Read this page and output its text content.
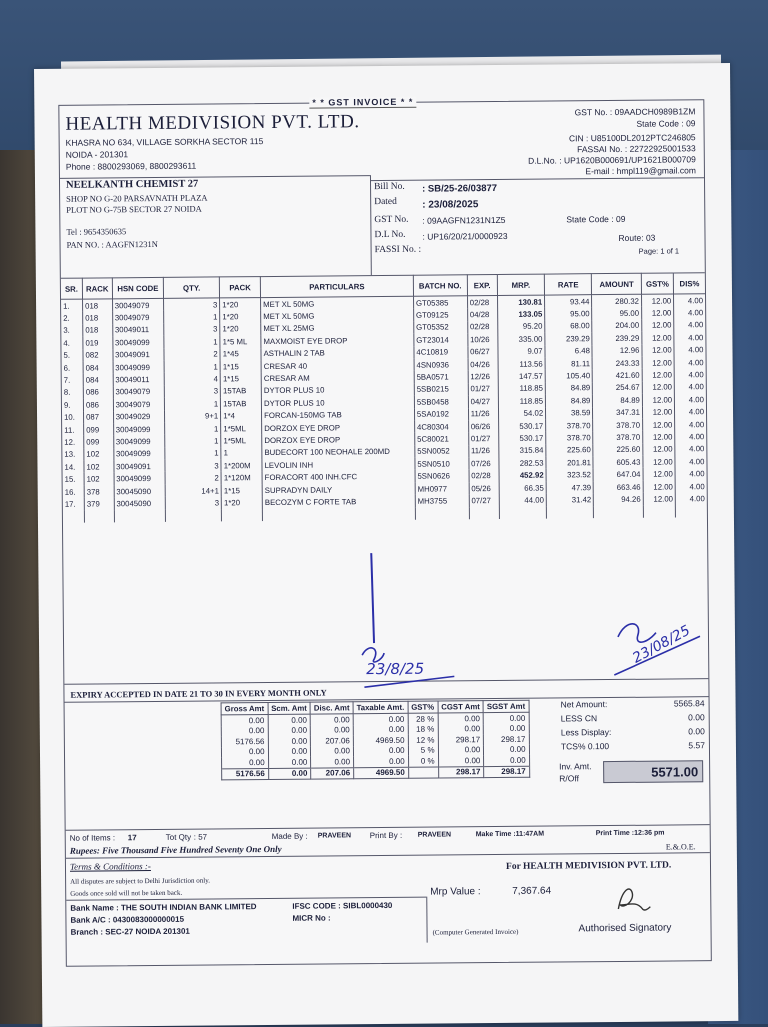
* * GST INVOICE * *
HEALTH MEDIVISION PVT. LTD.
KHASRA NO 634, VILLAGE SORKHA SECTOR 115
NOIDA - 201301
Phone : 8800293069, 8800293611
GST No. : 09AADCH0989B1ZM
State Code : 09
CIN : U85100DL2012PTC246805
FASSAI No. : 22722925001533
D.L.No. : UP1620B000691/UP1621B000709
E-mail : hmpl119@gmail.com
NEELKANTH CHEMIST 27
SHOP NO G-20 PARSAVNATH PLAZA
PLOT NO G-75B SECTOR 27 NOIDA
Tel : 9654350635
PAN NO. : AAGFN1231N
Bill No. : SB/25-26/03877
Dated	: 23/08/2025
GST No. : 09AAGFN1231N1Z5
D.L No. : UP16/20/21/0000923
FASSI No. :
State Code : 09
Route: 03
Page: 1 of 1
SR.	RACK	HSN CODE	QTY.	PACK	PARTICULARS	BATCH NO.	EXP.	MRP.	RATE	AMOUNT	GST%	DIS%
1.	018	30049079	3	1*20	MET XL 50MG	GT05385	02/28	130.81	93.44	280.32	12.00	4.00
2.	018	30049079	1	1*20	MET XL 50MG	GT09125	04/28	133.05	95.00	95.00	12.00	4.00
3.	018	30049011	3	1*20	MET XL 25MG	GT05352	02/28	95.20	68.00	204.00	12.00	4.00
4.	019	30049099	1	1*5 ML	MAXMOIST EYE DROP	GT23014	10/26	335.00	239.29	239.29	12.00	4.00
5.	082	30049091	2	1*45	ASTHALIN 2 TAB	4C10819	06/27	9.07	6.48	12.96	12.00	4.00
6.	084	30049099	1	1*15	CRESAR 40	4SN0936	04/26	113.56	81.11	243.33	12.00	4.00
7.	084	30049011	4	1*15	CRESAR AM	5BA0571	12/26	147.57	105.40	421.60	12.00	4.00
8.	086	30049079	3	15TAB	DYTOR PLUS 10	5SB0215	01/27	118.85	84.89	254.67	12.00	4.00
9.	086	30049079	1	15TAB	DYTOR PLUS 10	5SB0458	04/27	118.85	84.89	84.89	12.00	4.00
10.	087	30049029	9+1	1*4	FORCAN-150MG TAB	5SA0192	11/26	54.02	38.59	347.31	12.00	4.00
11.	099	30049099	1	1*5ML	DORZOX EYE DROP	4C80304	06/26	530.17	378.70	378.70	12.00	4.00
12.	099	30049099	1	1*5ML	DORZOX EYE DROP	5C80021	01/27	530.17	378.70	378.70	12.00	4.00
13.	102	30049099	1	1	BUDECORT 100 NEOHALE 200MD	5SN0052	11/26	315.84	225.60	225.60	12.00	4.00
14.	102	30049091	3	1*200M	LEVOLIN INH	5SN0510	07/26	282.53	201.81	605.43	12.00	4.00
15.	102	30049099	2	1*120M	FORACORT 400 INH.CFC	5SN0626	02/28	452.92	323.52	647.04	12.00	4.00
16.	378	30045090	14+1	1*15	SUPRADYN DAILY	MH0977	05/26	66.35	47.39	663.46	12.00	4.00
17.	379	30045090	3	1*20	BECOZYM C FORTE TAB	MH3755	07/27	44.00	31.42	94.26	12.00	4.00

EXPIRY ACCEPTED IN DATE 21 TO 30 IN EVERY MONTH ONLY
Gross Amt	Scm. Amt	Disc. Amt	Taxable Amt.	GST%	CGST Amt	SGST Amt
0.00	0.00	0.00	0.00	28 %	0.00	0.00
0.00	0.00	0.00	0.00	18 %	0.00	0.00
5176.56	0.00	207.06	4969.50	12 %	298.17	298.17
0.00	0.00	0.00	0.00	5 %	0.00	0.00
0.00	0.00	0.00	0.00	0 %	0.00	0.00
5176.56	0.00	207.06	4969.50		298.17	298.17
Net Amount:	5565.84
LESS CN	0.00
Less Display:	0.00
TCS% 0.100	5.57
Inv. Amt.
R/Off	5571.00
No of Items : 17	Tot Qty : 57	Made By : PRAVEEN Print By : PRAVEEN	Make Time :11:47AM	Print Time :12:36 pm
Rupees: Five Thousand Five Hundred Seventy One Only	E.&.O.E.
Terms & Conditions :-	For HEALTH MEDIVISION PVT. LTD.
All disputes are subject to Delhi Jurisdiction only.
Goods once sold will not be taken back.	Mrp Value :	7,367.64
Bank Name : THE SOUTH INDIAN BANK LIMITED
Bank A/C : 0430083000000015
Branch : SEC-27 NOIDA 201301
IFSC CODE : SIBL0000430
MICR No :
(Computer Generated Invoice)	Authorised Signatory
23/8/25
23/08/25
